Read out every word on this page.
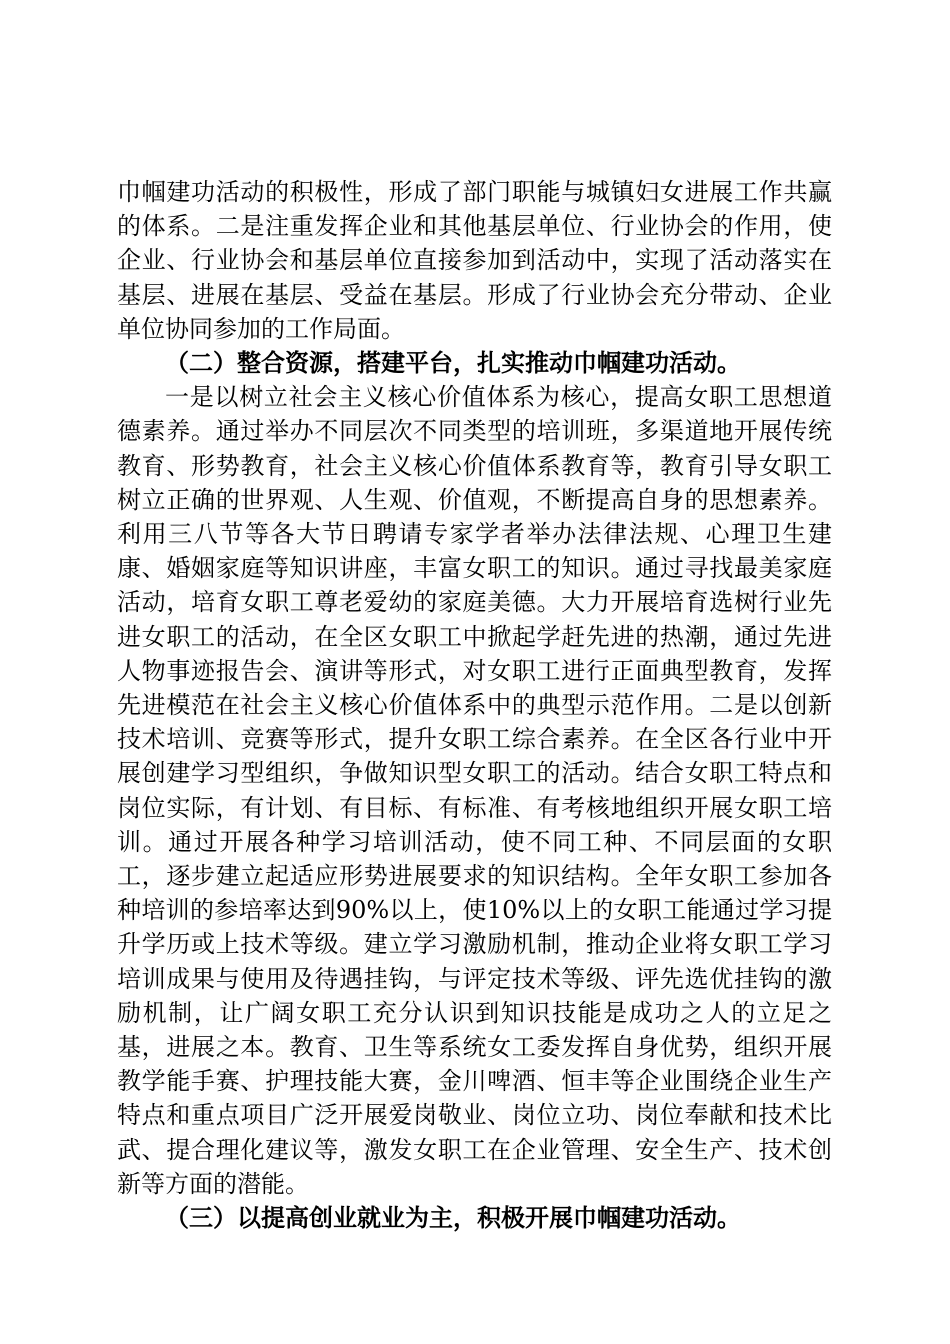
巾帼建功活动的积极性，形成了部门职能与城镇妇女进展工作共赢的体系。二是注重发挥企业和其他基层单位、行业协会的作用，使企业、行业协会和基层单位直接参加到活动中，实现了活动落实在基层、进展在基层、受益在基层。形成了行业协会充分带动、企业单位协同参加的工作局面。

（二）整合资源，搭建平台，扎实推动巾帼建功活动。

一是以树立社会主义核心价值体系为核心，提高女职工思想道德素养。通过举办不同层次不同类型的培训班，多渠道地开展传统教育、形势教育，社会主义核心价值体系教育等，教育引导女职工树立正确的世界观、人生观、价值观，不断提高自身的思想素养。利用三八节等各大节日聘请专家学者举办法律法规、心理卫生建康、婚姻家庭等知识讲座，丰富女职工的知识。通过寻找最美家庭活动，培育女职工尊老爱幼的家庭美德。大力开展培育选树行业先进女职工的活动，在全区女职工中掀起学赶先进的热潮，通过先进人物事迹报告会、演讲等形式，对女职工进行正面典型教育，发挥先进模范在社会主义核心价值体系中的典型示范作用。二是以创新技术培训、竞赛等形式，提升女职工综合素养。在全区各行业中开展创建学习型组织，争做知识型女职工的活动。结合女职工特点和岗位实际，有计划、有目标、有标准、有考核地组织开展女职工培训。通过开展各种学习培训活动，使不同工种、不同层面的女职工，逐步建立起适应形势进展要求的知识结构。全年女职工参加各种培训的参培率达到90%以上，使10%以上的女职工能通过学习提升学历或上技术等级。建立学习激励机制，推动企业将女职工学习培训成果与使用及待遇挂钩，与评定技术等级、评先选优挂钩的激励机制，让广阔女职工充分认识到知识技能是成功之人的立足之基，进展之本。教育、卫生等系统女工委发挥自身优势，组织开展教学能手赛、护理技能大赛，金川啤酒、恒丰等企业围绕企业生产特点和重点项目广泛开展爱岗敬业、岗位立功、岗位奉献和技术比武、提合理化建议等，激发女职工在企业管理、安全生产、技术创新等方面的潜能。

（三）以提高创业就业为主，积极开展巾帼建功活动。
